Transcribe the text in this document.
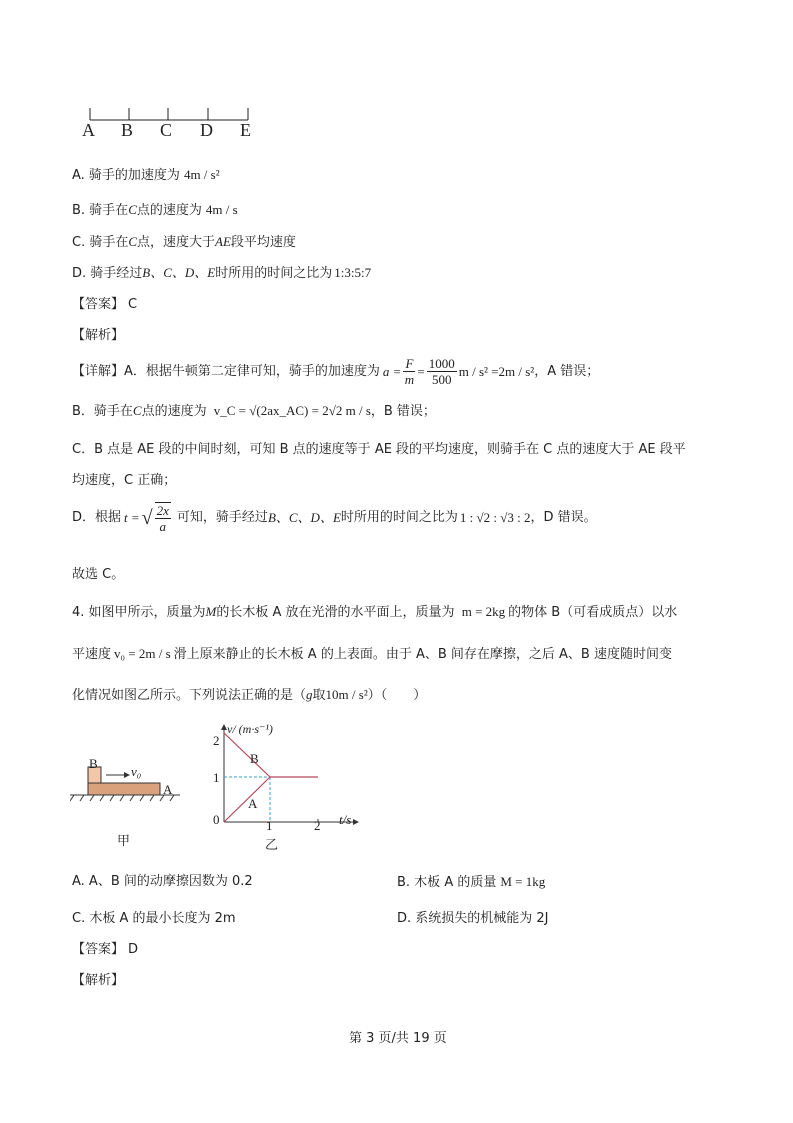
A B C D E
A. 骑手的加速度为 4m / s²
B. 骑手在C点的速度为 4m / s
C. 骑手在C点，速度大于AE段平均速度
D. 骑手经过B、C、D、E时所用的时间之比为 1:3:5:7
【答案】 C
【解析】
【详解】 A．根据牛顿第二定律可知，骑手的加速度为 $a = \frac{F}{m} = \frac{1000}{500}$ m / s² =2m / s² ，A 错误；
B．骑手在C点的速度为 v_C = √(2ax_AC) = 2√2 m / s，B 错误；
C．B 点是 AE 段的中间时刻，可知 B 点的速度等于 AE 段的平均速度，则骑手在 C 点的速度大于 AE 段平
均速度，C 正确；
D．根据 t = √ $\frac{2x}{a}$ 可知，骑手经过 B、C、D、E 时所用的时间之比为 1 : √2 : √3 : 2 ，D 错误。
故选 C。
4. 如图甲所示，质量为M的长木板 A 放在光滑的水平面上，质量为 m = 2kg 的物体 B（可看成质点）以水
平速度 v₀ = 2m / s 滑上原来静止的长木板 A 的上表面。由于 A、B 间存在摩擦，之后 A、B 速度随时间变
化情况如图乙所示。下列说法正确的是（g取10m / s²）（　　）
B
v₀
A
甲
v/ (m·s⁻¹)
2
1
0	1	2 t/s
B
A
乙
A. A、B 间的动摩擦因数为 0.2	B. 木板 A 的质量 M = 1kg
C. 木板 A 的最小长度为 2m	D. 系统损失的机械能为 2J
【答案】 D
【解析】
第 3 页/共 19 页
